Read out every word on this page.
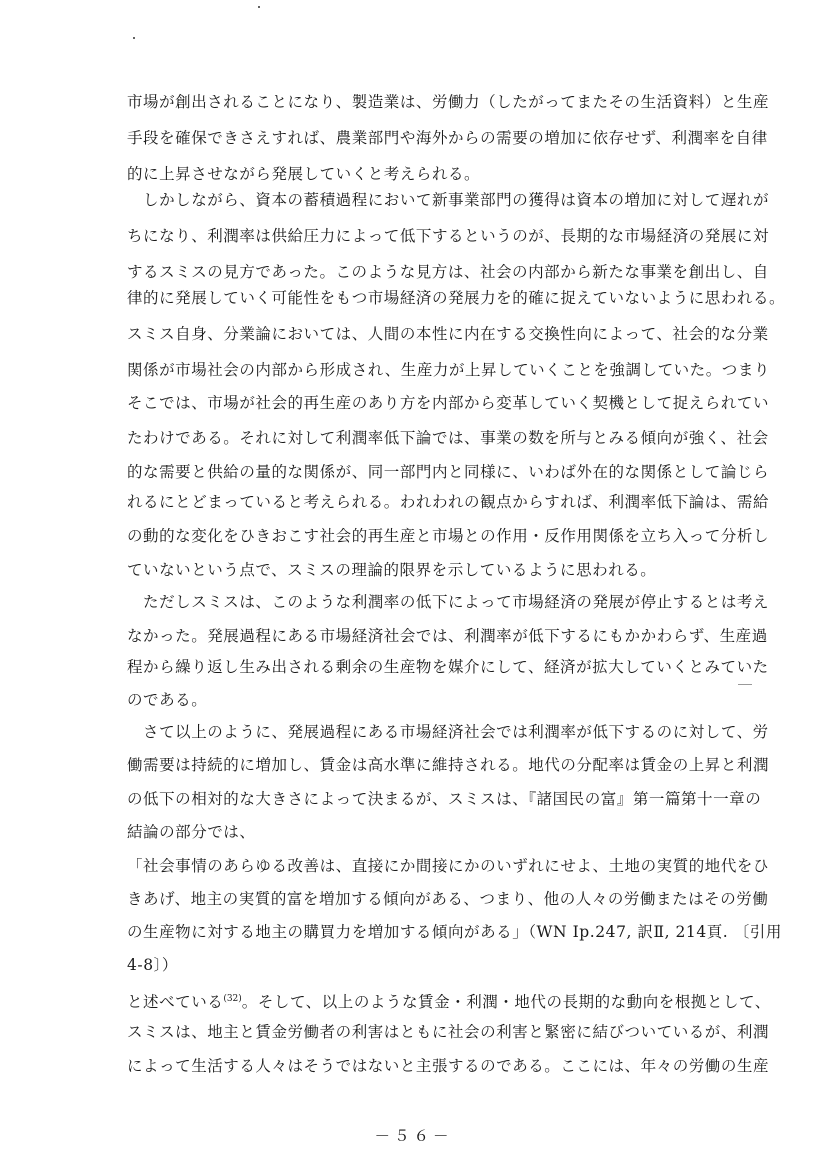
市場が創出されることになり、製造業は、労働力（したがってまたその生活資料）と生産
手段を確保できさえすれば、農業部門や海外からの需要の増加に依存せず、利潤率を自律
的に上昇させながら発展していくと考えられる。
　しかしながら、資本の蓄積過程において新事業部門の獲得は資本の増加に対して遅れが
ちになり、利潤率は供給圧力によって低下するというのが、長期的な市場経済の発展に対
するスミスの見方であった。このような見方は、社会の内部から新たな事業を創出し、自
律的に発展していく可能性をもつ市場経済の発展力を的確に捉えていないように思われる。
スミス自身、分業論においては、人間の本性に内在する交換性向によって、社会的な分業
関係が市場社会の内部から形成され、生産力が上昇していくことを強調していた。つまり
そこでは、市場が社会的再生産のあり方を内部から変革していく契機として捉えられてい
たわけである。それに対して利潤率低下論では、事業の数を所与とみる傾向が強く、社会
的な需要と供給の量的な関係が、同一部門内と同様に、いわば外在的な関係として論じら
れるにとどまっていると考えられる。われわれの観点からすれば、利潤率低下論は、需給
の動的な変化をひきおこす社会的再生産と市場との作用・反作用関係を立ち入って分析し
ていないという点で、スミスの理論的限界を示しているように思われる。
　ただしスミスは、このような利潤率の低下によって市場経済の発展が停止するとは考え
なかった。発展過程にある市場経済社会では、利潤率が低下するにもかかわらず、生産過
程から繰り返し生み出される剰余の生産物を媒介にして、経済が拡大していくとみていた
のである。
　さて以上のように、発展過程にある市場経済社会では利潤率が低下するのに対して、労
働需要は持続的に増加し、賃金は高水準に維持される。地代の分配率は賃金の上昇と利潤
の低下の相対的な大きさによって決まるが、スミスは、『諸国民の富』第一篇第十一章の
結論の部分では、
「社会事情のあらゆる改善は、直接にか間接にかのいずれにせよ、土地の実質的地代をひ
きあげ、地主の実質的富を増加する傾向がある、つまり、他の人々の労働またはその労働
の生産物に対する地主の購買力を増加する傾向がある」（WN Ⅰp.247, 訳Ⅱ, 214頁. 〔引用
4-8〕）
と述べている$^{(32)}$。そして、以上のような賃金・利潤・地代の長期的な動向を根拠として、
スミスは、地主と賃金労働者の利害はともに社会の利害と緊密に結びついているが、利潤
によって生活する人々はそうではないと主張するのである。ここには、年々の労働の生産
－５６－
